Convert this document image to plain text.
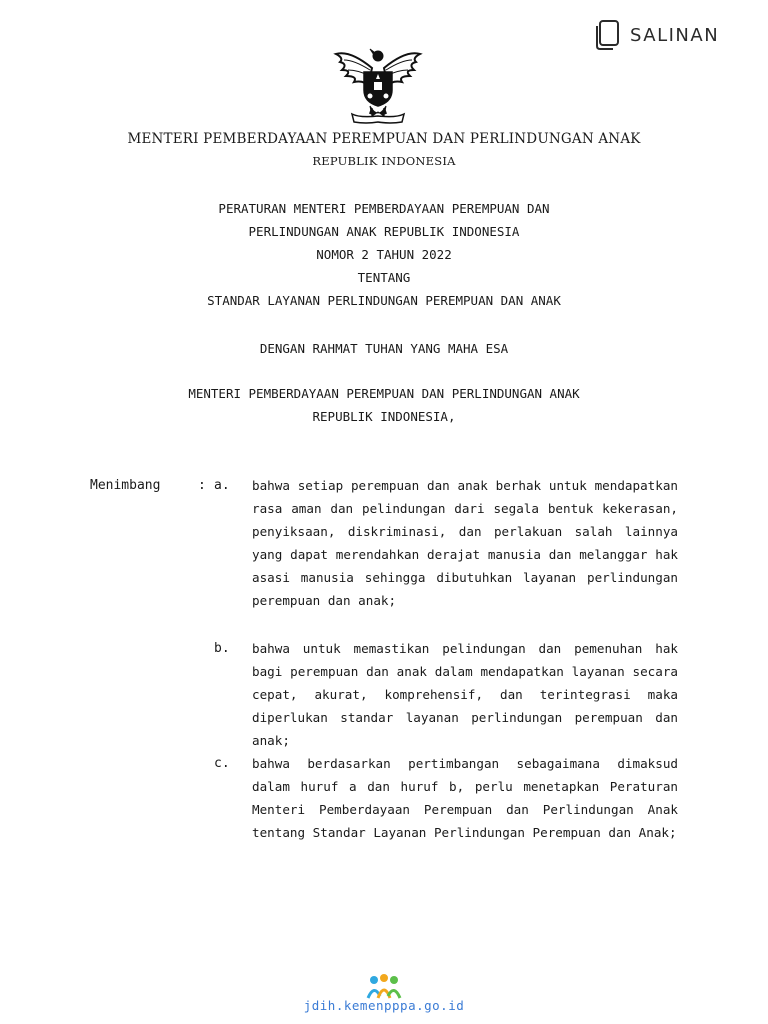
SALINAN
MENTERI PEMBERDAYAAN PEREMPUAN DAN PERLINDUNGAN ANAK
REPUBLIK INDONESIA
PERATURAN MENTERI PEMBERDAYAAN PEREMPUAN DAN
PERLINDUNGAN ANAK REPUBLIK INDONESIA
NOMOR 2 TAHUN 2022
TENTANG
STANDAR LAYANAN PERLINDUNGAN PEREMPUAN DAN ANAK
DENGAN RAHMAT TUHAN YANG MAHA ESA
MENTERI PEMBERDAYAAN PEREMPUAN DAN PERLINDUNGAN ANAK
REPUBLIK INDONESIA,
Menimbang	: a. bahwa setiap perempuan dan anak berhak untuk mendapatkan rasa aman dan pelindungan dari segala bentuk kekerasan, penyiksaan, diskriminasi, dan perlakuan salah lainnya yang dapat merendahkan derajat manusia dan melanggar hak asasi manusia sehingga dibutuhkan layanan perlindungan perempuan dan anak;
b. bahwa untuk memastikan pelindungan dan pemenuhan hak bagi perempuan dan anak dalam mendapatkan layanan secara cepat, akurat, komprehensif, dan terintegrasi maka diperlukan standar layanan perlindungan perempuan dan anak;
c. bahwa berdasarkan pertimbangan sebagaimana dimaksud dalam huruf a dan huruf b, perlu menetapkan Peraturan Menteri Pemberdayaan Perempuan dan Perlindungan Anak tentang Standar Layanan Perlindungan Perempuan dan Anak;
jdih.kemenpppa.go.id
